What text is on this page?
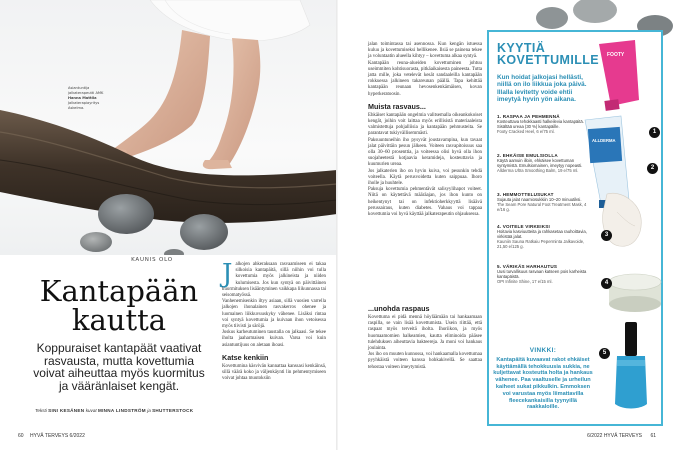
Asiantuntija
jalkaterapeutti AMK
Hanna Mattila
Jalkaterapiayritys
Askelma.
KAUNIS OLO
Kantapään
kautta
Koppuraiset kantapäät vaativat rasvausta, mutta kovettumia voivat aiheuttaa myös kuormitus ja vääränlaiset kengät.
Teksti SINI KESÄNEN kuvat MINNA LINDSTRÖM ja SHUTTERSTOCK

Jalkojen ahkeraksaan rasvaamiseen ei takaa silkoisia kantapäitä, sillä niihin voi tulla kovettumia myös jalkineista ja niiden kulumisesta. Jos kun syntyä on päivittäinen kuormituksen lisääntyminen vaikkapa liikunnassa tai seisomatyössä.

Vanhenemisenkin iltyy asiaan, sillä vuosien varrella jalkojen ihonalainen rasvakerros ohenee ja luomainen liikkuvuuskyky vähenee. Lisäksi rintaa voi syntyä kovettumia ja kuivaan ihon vetoisessa myös tiivisti ja säröjä.

Joskus karheutuminen taustalla on jalkaasi. Se tekee iholta jaaharmaisen kuivan. Varsa voi kuin asiantuntijuus on aletaan ihoasi.

Katse kenkiin

Kovettumina käsvivän kannattaa kanssasi kenkäinsä, sillä väärä koko ja väljenkäynti lin pehmentymiseen voivat johtaa muutoksiin

60 HYVÄ TERVEYS 6/2022

jalan toimintassa tai asennossa. Kun kengän istuessa kuluu ja kovettumiseksi hellikenee. Ilsiä se painena tekee ja voluntaatin alueella kihtyy – kovettuma alkaa syntyä.

Kantapään reuna-alueiden kovettuminen johtuu useimmiten kohtisuorasta, pitkäaikaisesta paineesta. Tutta jatta mille, joka vetelevät kesät sandaaleilla kantapään rokkuessa jalkineen takareunan päällä. Tapa kehittää kantapään reunaan hevosenkenkämäisen, kovan hyperkeratoosin.

Muista rasvaus...

Ehkäiset kantapään ongelmia valitsemalla oikeankokoiset kengät, joihin voit laittaa myös erillisistä materiaaleista valmistettuja pohjalliisia ja kantapään pehmusteita. Se parantavat tukiyvällisemmästi.

Paksuuntuneihin iho pysyvät joustavampina, kun tavaat jalat päivittäin pesun jälkeen. Voiteen rasvapitoisuus saa olla 30–60 prosenttia, ja voiteessa olisi hyvä olla ihon suojaheetestä kotjaavia keramideja, kosteuttavia ja kuumurien ureaa.

Jos jalkaterien iho on hyvin kuiva, voi pesunkin tehdä voiteella. Käytä perusvoidetta kuten saippuaa. Ihoro iholle ja huuhtele.

Paksuja kovettumia pehmentävät salisyylihapot voiteet. Niitä on käytettävä määräajan, jos ihon kunto on heikentynyt tai on infektioherkkyyttä lisäävä perussairaus, kuten diabetes. Vahaus voi tappaa kovettumia voi hyvä käyttää jalkaterapeutin ohjauksessa.

...unohda raspaus

Kovettuma ei pidä mennä höyläämään tai hankaamaan raspilla, se vain lisää kovettumista. Usein riittää, että raspaat myös terveitä iholta. Ihoriikon, ja myös huomaamomien halkeamien, kautta eliminoida pääsee tulehduksen aiheuttavia bakteereja. Ja moni voi hankaus joulainta.

Jos iho on muuten kunnossa, voi hankaamalla kovettumaa pyyhkäistä voiteen kanssa hohkakivellä. Se saattaa tehostaa voiteen imeytymistä.

KYYTIÄ
KOVETTUMILLE
Kun hoidat jalkojasi hellästi, niillä on ilo liikkua joka päivä. Illalla levitetty voide ehtii imeytyä hyvin yön aikana.
FOOTY
ALLDERMA
1. RASPAA JA PEHMENNÄ
Kosteuttava tehokkaasti halkeilevia kantapäitä. Sisältää ureaa (30 %) kantapäille.
Footy Cracked Heel, 6 e/75 ml.
2. EHKÄISE EMULSIOLLA
Käytä aamuin illoin, ehkäisee kovettuman syntymistä. Emulsiomainen, imeytyy nopeasti.
Allderma Ultra Smoothing Balm, 19 e/75 ml.
3. HEMMOTTELUSUKAT
Sujauta jalat naamiosukkiin 10–20 minuutiksi.
The Seam Pore Natural Foot Treatment Mask, 4 e/16 g.
4. VOITELE VIRKEIKSI
Hoitavia kasviuutteita ja rahkasetaa rauhoittavia, virkistää jalat.
Kauniin Sauna Ratkaiu Peperminta Jalkavoide, 21,50 e/125 g.
5. VÄRIKÄS HARHAUTUS
Uusi turvallisuus rasvaan katseen pois karheista kantapäistä.
OPI Infinite Shine, 17 e/15 ml.
1
2
3
4
5
VINKKI:
Kantapäitä kuvaavat rakot ehkäiset käyttämällä tehokkuusia sukkia, ne kuljettavat kosteutta holta ja hankaus vähenee. Paa vaaltuselle ja urheilun kaiheet sukat pikkulkin. Emmoksen voi varustaa myös liimattavilla fleecekankaisilla tyynyillä raakkaloille.
6/2022 HYVÄ TERVEYS 61
